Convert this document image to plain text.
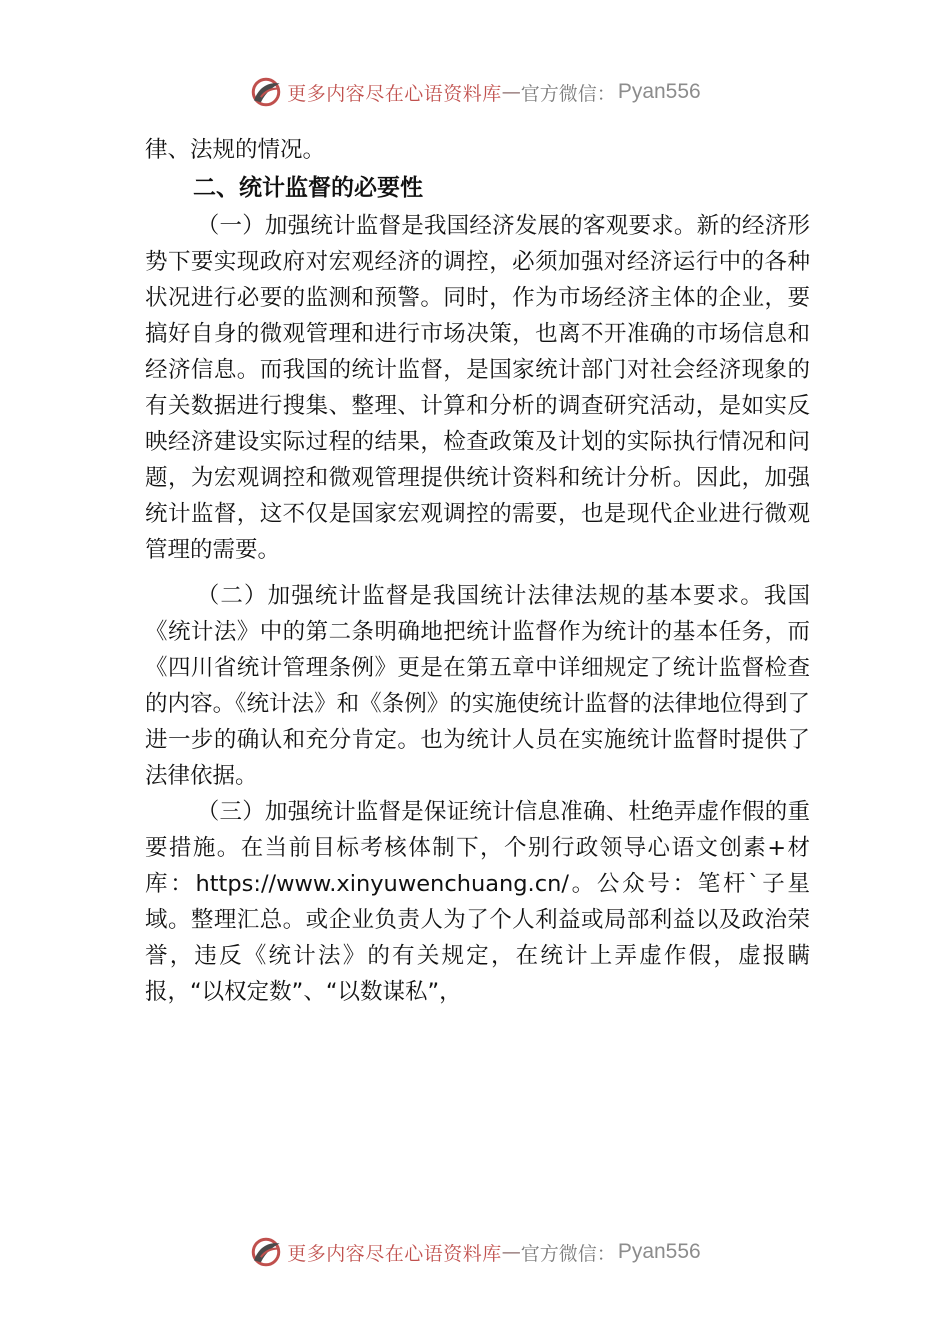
更多内容尽在心语资料库 — 官方微信： Pyan556

律、法规的情况。

二、统计监督的必要性

（一）加强统计监督是我国经济发展的客观要求。新的经济形势下要实现政府对宏观经济的调控，必须加强对经济运行中的各种状况进行必要的监测和预警。同时，作为市场经济主体的企业，要搞好自身的微观管理和进行市场决策，也离不开准确的市场信息和经济信息。而我国的统计监督，是国家统计部门对社会经济现象的有关数据进行搜集、整理、计算和分析的调查研究活动，是如实反映经济建设实际过程的结果，检查政策及计划的实际执行情况和问题，为宏观调控和微观管理提供统计资料和统计分析。因此，加强统计监督，这不仅是国家宏观调控的需要，也是现代企业进行微观管理的需要。

（二）加强统计监督是我国统计法律法规的基本要求。我国《统计法》中的第二条明确地把统计监督作为统计的基本任务，而《四川省统计管理条例》更是在第五章中详细规定了统计监督检查的内容。《统计法》和《条例》的实施使统计监督的法律地位得到了进一步的确认和充分肯定。也为统计人员在实施统计监督时提供了法律依据。

（三）加强统计监督是保证统计信息准确、杜绝弄虚作假的重要措施。在当前目标考核体制下，个别行政领导心语文创素+材库：https://www.xinyuwenchuang.cn/。公众号：笔杆`子星域。整理汇总。或企业负责人为了个人利益或局部利益以及政治荣誉，违反《统计法》的有关规定，在统计上弄虚作假，虚报瞒报，“以权定数”、“以数谋私”，

更多内容尽在心语资料库 — 官方微信： Pyan556
